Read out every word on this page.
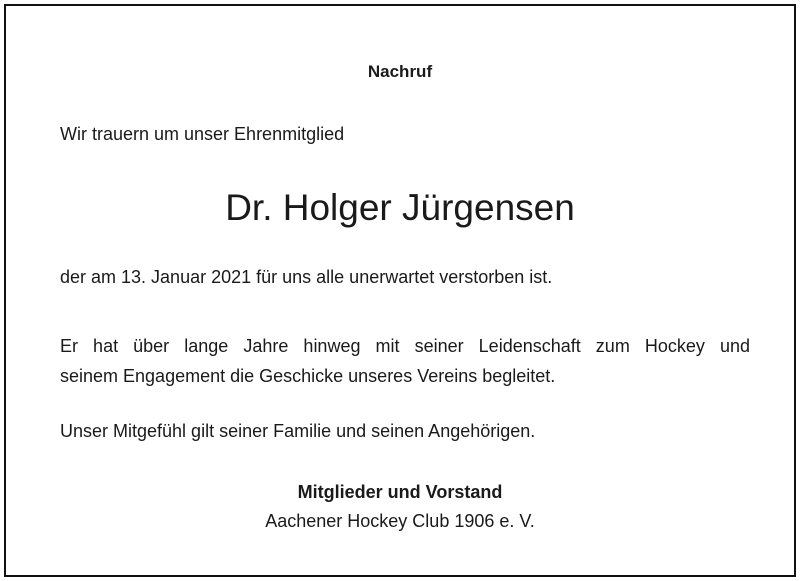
Nachruf

Wir trauern um unser Ehrenmitglied

Dr. Holger Jürgensen

der am 13. Januar 2021 für uns alle unerwartet verstorben ist.

Er hat über lange Jahre hinweg mit seiner Leidenschaft zum Hockey und
seinem Engagement die Geschicke unseres Vereins begleitet.

Unser Mitgefühl gilt seiner Familie und seinen Angehörigen.

Mitglieder und Vorstand

Aachener Hockey Club 1906 e. V.
